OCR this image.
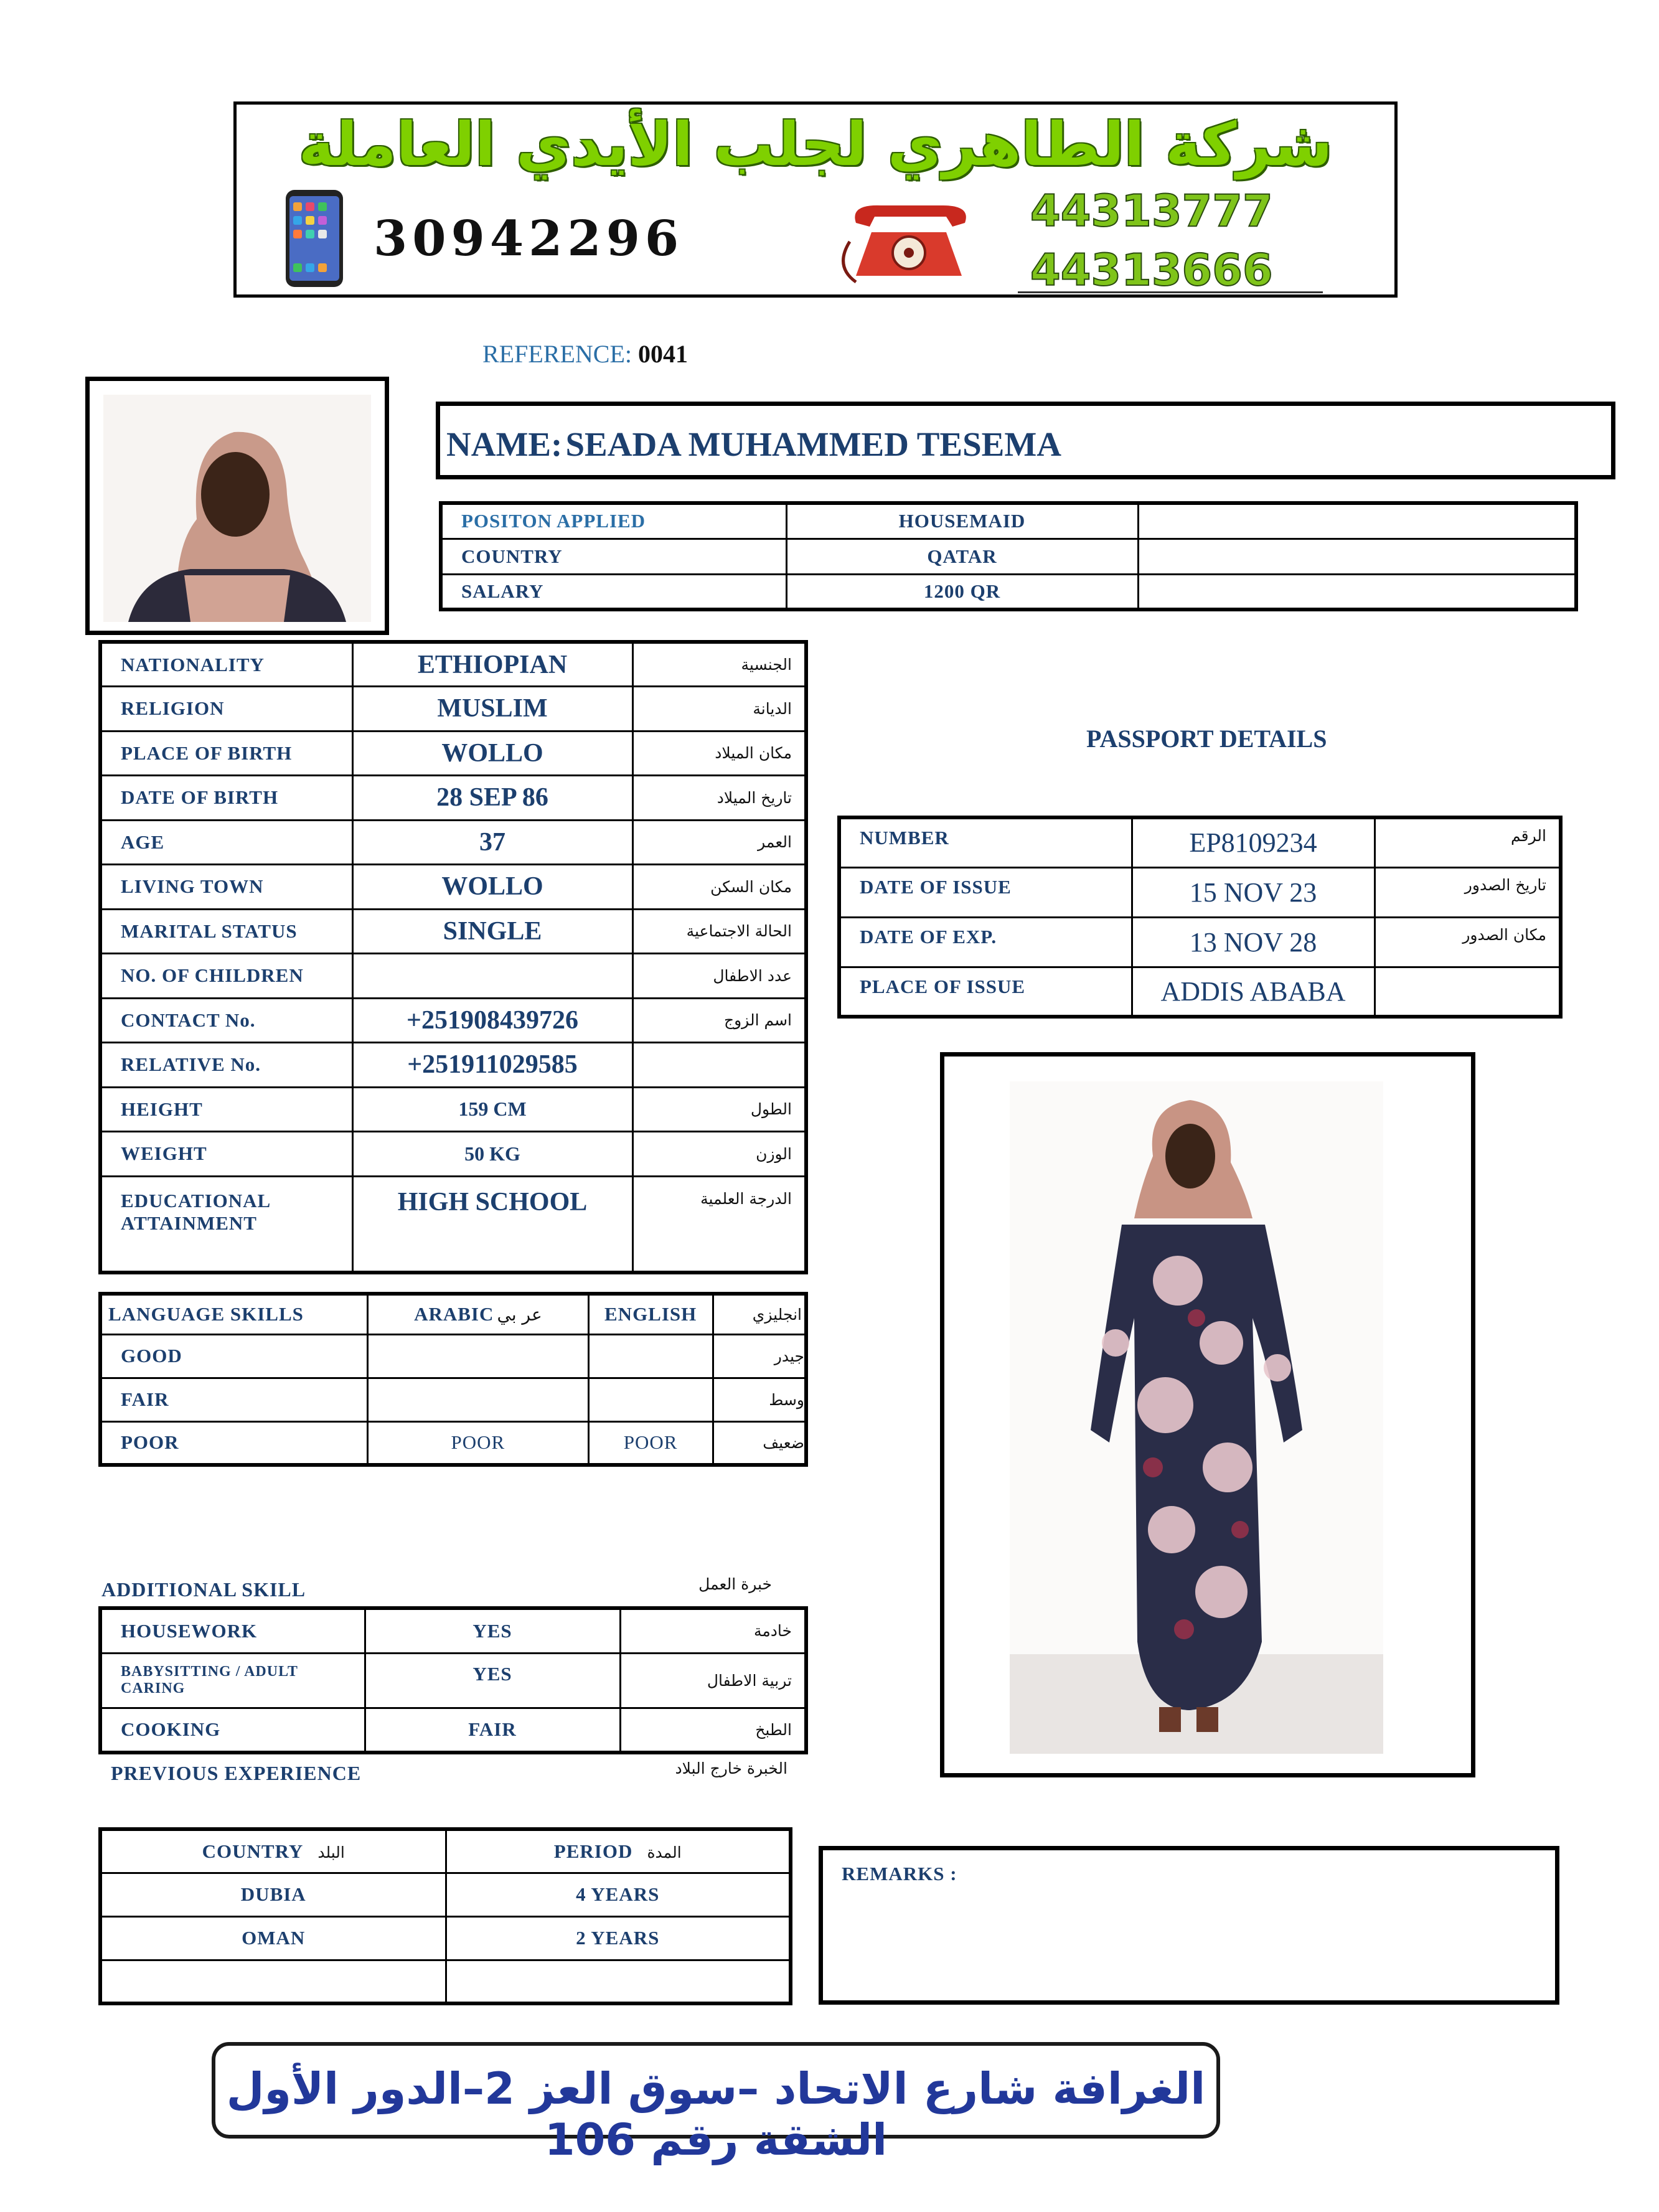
شركة الطاهري لجلب الأيدي العاملة
30942296	44313777
44313666
REFERENCE: 0041
NAME: SEADA MUHAMMED TESEMA
POSITON APPLIED	HOUSEMAID	
COUNTRY	QATAR	
SALARY	1200 QR	
NATIONALITY	ETHIOPIAN	الجنسية
RELIGION	MUSLIM	الديانة
PLACE OF BIRTH	WOLLO	مكان الميلاد
DATE OF BIRTH	28 SEP 86	تاريخ الميلاد
AGE	37	العمر
LIVING TOWN	WOLLO	مكان السكن
MARITAL STATUS	SINGLE	الحالة الاجتماعية
NO. OF CHILDREN		عدد الاطفال
CONTACT No.	+251908439726	اسم الزوج
RELATIVE No.	+251911029585	
HEIGHT	159 CM	الطول
WEIGHT	50 KG	الوزن
EDUCATIONAL ATTAINMENT	HIGH SCHOOL	الدرجة العلمية
PASSPORT DETAILS
NUMBER	EP8109234	الرقم
DATE OF ISSUE	15 NOV 23	تاريخ الصدور
DATE OF EXP.	13 NOV 28	مكان الصدور
PLACE OF ISSUE	ADDIS ABABA	
LANGUAGE SKILLS	ARABIC عر بي	ENGLISH	انجليزي
GOOD			جيدر
FAIR			وسط
POOR	POOR	POOR	ضعيف
ADDITIONAL SKILL	خبرة العمل
HOUSEWORK	YES	خادمة
BABYSITTING / ADULT CARING	YES	تربية الاطفال
COOKING	FAIR	الطبخ
PREVIOUS EXPERIENCE	الخبرة خارج البلاد
COUNTRY البلد	PERIOD المدة
DUBIA	4 YEARS
OMAN	2 YEARS

REMARKS :
الغرافة شارع الاتحاد –سوق العز 2–الدور الأول الشقة رقم 106
